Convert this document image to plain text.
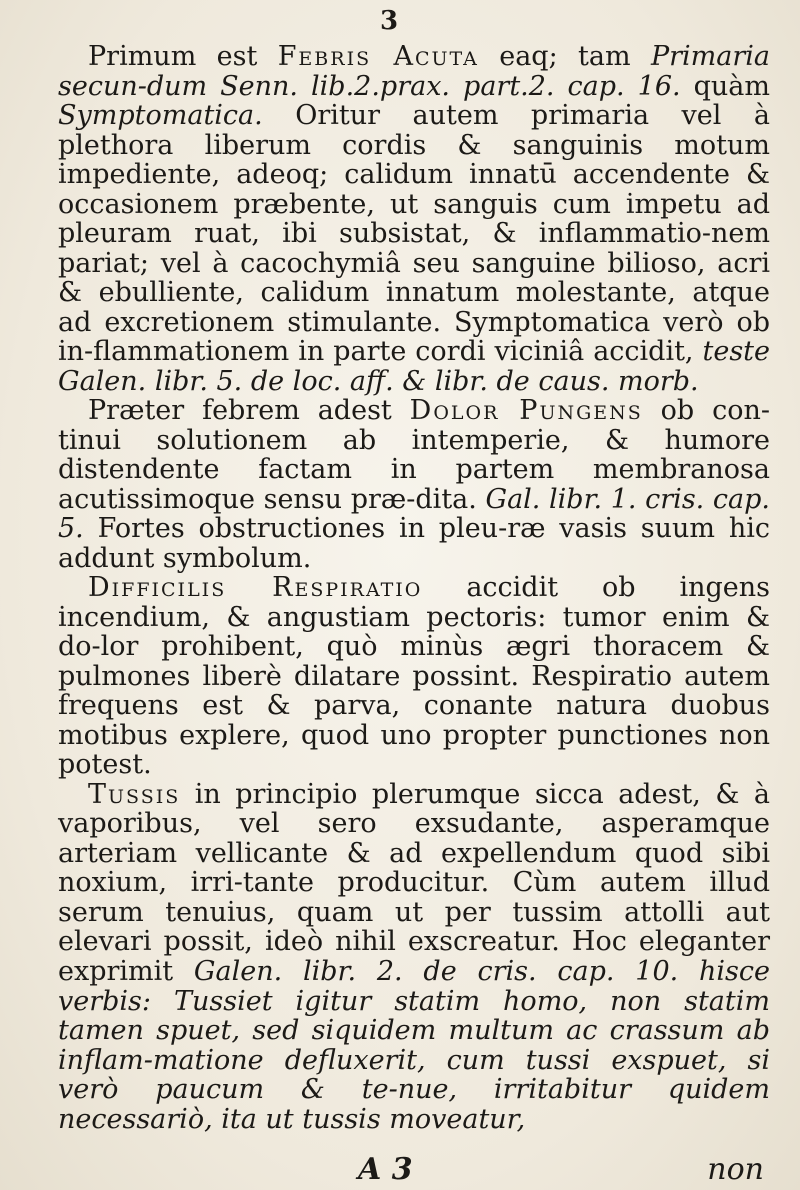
3

Primum est Febris Acuta eaq; tam Primaria secun-dum Senn. lib.2.prax. part.2. cap. 16. quàm Symptomatica. Oritur autem primaria vel à plethora liberum cordis & sanguinis motum impediente, adeoq; calidum innatū accendente & occasionem præbente, ut sanguis cum impetu ad pleuram ruat, ibi subsistat, & inflammatio-nem pariat; vel à cacochymiâ seu sanguine bilioso, acri & ebulliente, calidum innatum molestante, atque ad excretionem stimulante. Symptomatica verò ob in-flammationem in parte cordi viciniâ accidit, teste Galen. libr. 5. de loc. aff. & libr. de caus. morb.

Præter febrem adest Dolor Pungens ob con-tinui solutionem ab intemperie, & humore distendente factam in partem membranosa acutissimoque sensu præ-dita. Gal. libr. 1. cris. cap. 5. Fortes obstructiones in pleu-ræ vasis suum hic addunt symbolum.

Difficilis Respiratio accidit ob ingens incendium, & angustiam pectoris: tumor enim & do-lor prohibent, quò minùs ægri thoracem & pulmones liberè dilatare possint. Respiratio autem frequens est & parva, conante natura duobus motibus explere, quod uno propter punctiones non potest.

Tussis in principio plerumque sicca adest, & à vaporibus, vel sero exsudante, asperamque arteriam vellicante & ad expellendum quod sibi noxium, irri-tante producitur. Cùm autem illud serum tenuius, quam ut per tussim attolli aut elevari possit, ideò nihil exscreatur. Hoc eleganter exprimit Galen. libr. 2. de cris. cap. 10. hisce verbis: Tussiet igitur statim homo, non statim tamen spuet, sed siquidem multum ac crassum ab inflam-matione defluxerit, cum tussi exspuet, si verò paucum & te-nue, irritabitur quidem necessariò, ita ut tussis moveatur,

A 3	non
